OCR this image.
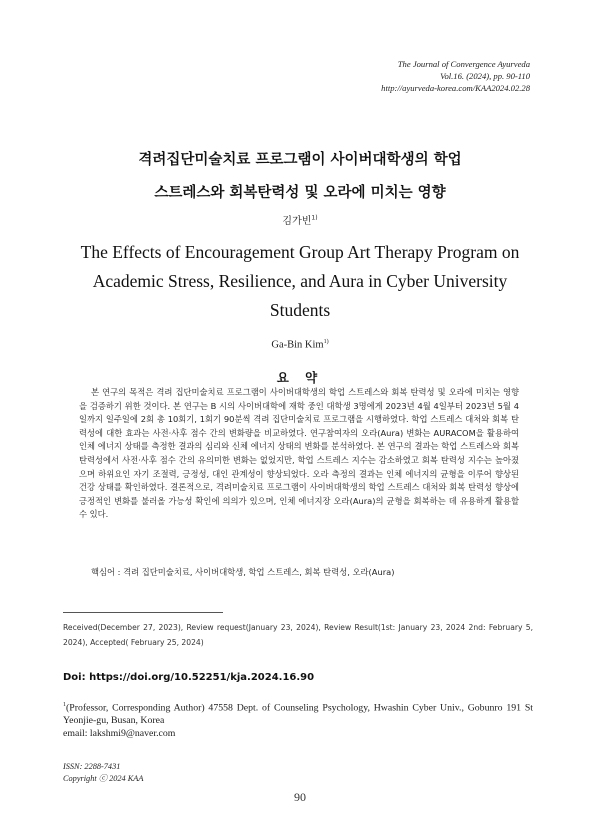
The Journal of Convergence Ayurveda
Vol.16. (2024), pp. 90-110
http://ayurveda-korea.com/KAA2024.02.28
격려집단미술치료 프로그램이 사이버대학생의 학업
스트레스와 회복탄력성 및 오라에 미치는 영향
김가빈$^{1)}$
The Effects of Encouragement Group Art Therapy Program on
Academic Stress, Resilience, and Aura in Cyber University
Students
Ga-Bin Kim$^{1)}$
요 약
본 연구의 목적은 격려 집단미술치료 프로그램이 사이버대학생의 학업 스트레스와 회복 탄력성 및 오라에 미치는 영향을 검증하기 위한 것이다. 본 연구는 B 시의 사이버대학에 재학 중인 대학생 3명에게 2023년 4월 4일부터 2023년 5월 4일까지 일주일에 2회 총 10회기, 1회기 90분씩 격려 집단미술치료 프로그램을 시행하였다. 학업 스트레스 대처와 회복 탄력성에 대한 효과는 사전·사후 점수 간의 변화량을 비교하였다. 연구참여자의 오라(Aura) 변화는 AURACOM을 활용하여 인체 에너지 상태를 측정한 결과의 심리와 신체 에너지 상태의 변화를 분석하였다. 본 연구의 결과는 학업 스트레스와 회복 탄력성에서 사전·사후 점수 간의 유의미한 변화는 없었지만, 학업 스트레스 지수는 감소하였고 회복 탄력성 지수는 높아졌으며 하위요인 자기 조절력, 긍정성, 대인 관계성이 향상되었다. 오라 측정의 결과는 인체 에너지의 균형을 이루어 향상된 건강 상태를 확인하였다. 결론적으로, 격려미술치료 프로그램이 사이버대학생의 학업 스트레스 대처와 회복 탄력성 향상에 긍정적인 변화를 불러올 가능성 확인에 의의가 있으며, 인체 에너지장 오라(Aura)의 균형을 회복하는 데 유용하게 활용할 수 있다.
핵심어 : 격려 집단미술치료, 사이버대학생, 학업 스트레스, 회복 탄력성, 오라(Aura)
Received(December 27, 2023), Review request(January 23, 2024), Review Result(1st: January 23, 2024 2nd: February 5, 2024), Accepted( February 25, 2024)
Doi: https://doi.org/10.52251/kja.2024.16.90
$^1$(Professor, Corresponding Author) 47558 Dept. of Counseling Psychology, Hwashin Cyber Univ., Gobunro 191 St Yeonjie-gu, Busan, Korea
email: lakshmi9@naver.com
ISSN: 2288-7431
Copyright ⓒ 2024 KAA
90
